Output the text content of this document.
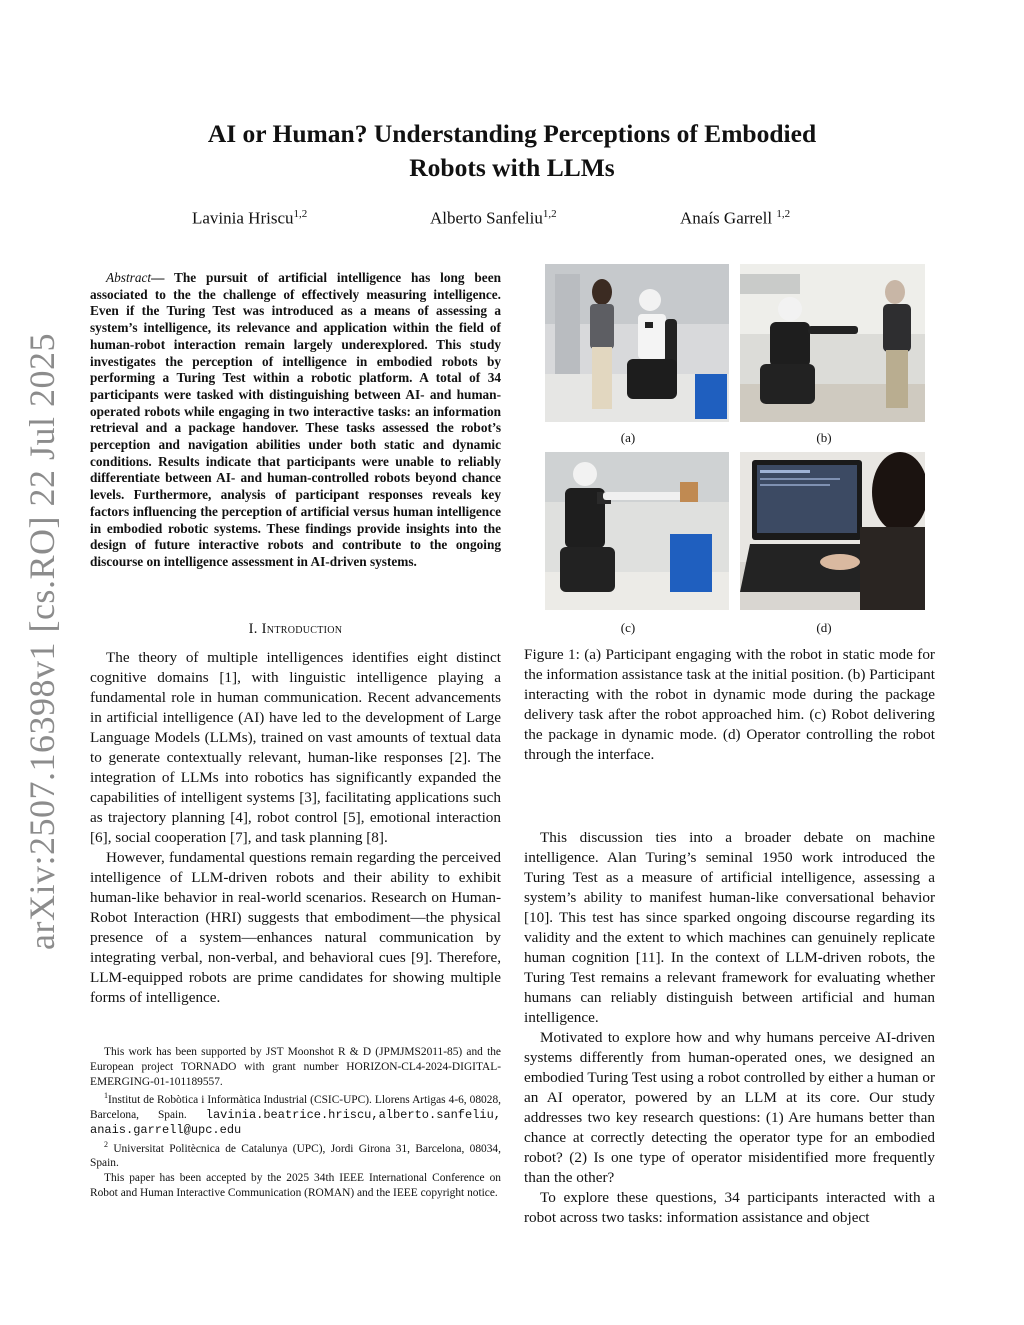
arXiv:2507.16398v1 [cs.RO] 22 Jul 2025
AI or Human? Understanding Perceptions of Embodied
Robots with LLMs
Lavinia Hriscu$^{1,2}$	Alberto Sanfeliu$^{1,2}$	Anaís Garrell $^{1,2}$
Abstract— The pursuit of artificial intelligence has long been associated to the the challenge of effectively measuring intelligence. Even if the Turing Test was introduced as a means of assessing a system’s intelligence, its relevance and application within the field of human-robot interaction remain largely underexplored. This study investigates the perception of intelligence in embodied robots by performing a Turing Test within a robotic platform. A total of 34 participants were tasked with distinguishing between AI- and human-operated robots while engaging in two interactive tasks: an information retrieval and a package handover. These tasks assessed the robot’s perception and navigation abilities under both static and dynamic conditions. Results indicate that participants were unable to reliably differentiate between AI- and human-controlled robots beyond chance levels. Furthermore, analysis of participant responses reveals key factors influencing the perception of artificial versus human intelligence in embodied robotic systems. These findings provide insights into the design of future interactive robots and contribute to the ongoing discourse on intelligence assessment in AI-driven systems.
I. Introduction

The theory of multiple intelligences identifies eight distinct cognitive domains [1], with linguistic intelligence playing a fundamental role in human communication. Recent advancements in artificial intelligence (AI) have led to the development of Large Language Models (LLMs), trained on vast amounts of textual data to generate contextually relevant, human-like responses [2]. The integration of LLMs into robotics has significantly expanded the capabilities of intelligent systems [3], facilitating applications such as trajectory planning [4], robot control [5], emotional interaction [6], social cooperation [7], and task planning [8].

However, fundamental questions remain regarding the perceived intelligence of LLM-driven robots and their ability to exhibit human-like behavior in real-world scenarios. Research on Human-Robot Interaction (HRI) suggests that embodiment—the physical presence of a system—enhances natural communication by integrating verbal, non-verbal, and behavioral cues [9]. Therefore, LLM-equipped robots are prime candidates for showing multiple forms of intelligence.

This work has been supported by JST Moonshot R & D (JPMJMS2011-85) and the European project TORNADO with grant number HORIZON-CL4-2024-DIGITAL-EMERGING-01-101189557.

$^1$Institut de Robòtica i Informàtica Industrial (CSIC-UPC). Llorens Artigas 4-6, 08028, Barcelona, Spain. lavinia.beatrice.hriscu,alberto.sanfeliu, anais.garrell@upc.edu

$^2$ Universitat Politècnica de Catalunya (UPC), Jordi Girona 31, Barcelona, 08034, Spain.

This paper has been accepted by the 2025 34th IEEE International Conference on Robot and Human Interactive Communication (ROMAN) and the IEEE copyright notice.

(a)	(b)
(c)	(d)
Figure 1: (a) Participant engaging with the robot in static mode for the information assistance task at the initial position. (b) Participant interacting with the robot in dynamic mode during the package delivery task after the robot approached him. (c) Robot delivering the package in dynamic mode. (d) Operator controlling the robot through the interface.

This discussion ties into a broader debate on machine intelligence. Alan Turing’s seminal 1950 work introduced the Turing Test as a measure of artificial intelligence, assessing a system’s ability to manifest human-like conversational behavior [10]. This test has since sparked ongoing discourse regarding its validity and the extent to which machines can genuinely replicate human cognition [11]. In the context of LLM-driven robots, the Turing Test remains a relevant framework for evaluating whether humans can reliably distinguish between artificial and human intelligence.

Motivated to explore how and why humans perceive AI-driven systems differently from human-operated ones, we designed an embodied Turing Test using a robot controlled by either a human or an AI operator, powered by an LLM at its core. Our study addresses two key research questions: (1) Are humans better than chance at correctly detecting the operator type for an embodied robot? (2) Is one type of operator misidentified more frequently than the other?

To explore these questions, 34 participants interacted with a robot across two tasks: information assistance and object
